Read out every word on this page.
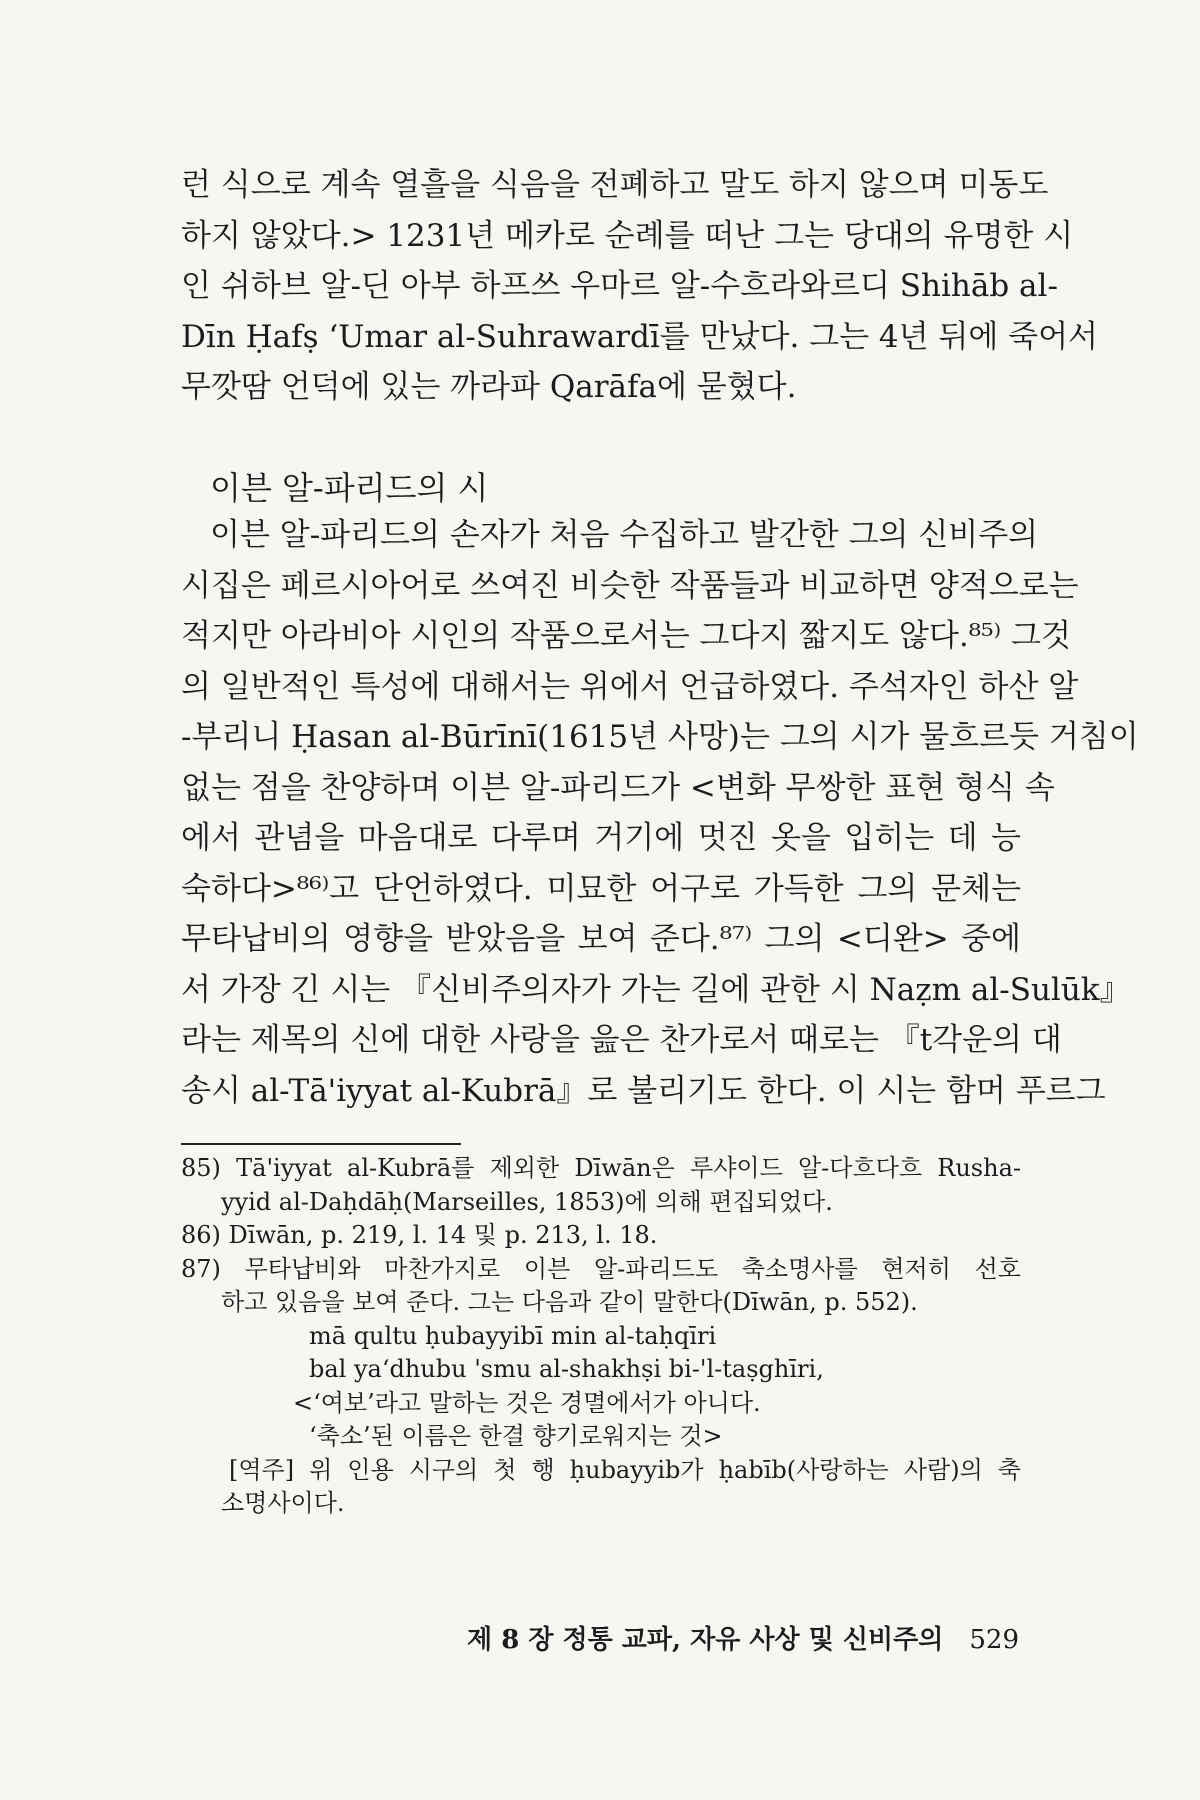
런 식으로 계속 열흘을 식음을 전폐하고 말도 하지 않으며 미동도
하지 않았다.> 1231년 메카로 순례를 떠난 그는 당대의 유명한 시
인 쉬하브 알-딘 아부 하프쓰 우마르 알-수흐라와르디 Shihāb al-
Dīn Ḥafṣ ‘Umar al-Suhrawardī를 만났다. 그는 4년 뒤에 죽어서
무깟땀 언덕에 있는 까라파 Qarāfa에 묻혔다.
이븐 알-파리드의 시
이븐 알-파리드의 손자가 처음 수집하고 발간한 그의 신비주의
시집은 페르시아어로 쓰여진 비슷한 작품들과 비교하면 양적으로는
적지만 아라비아 시인의 작품으로서는 그다지 짧지도 않다.⁸⁵⁾ 그것
의 일반적인 특성에 대해서는 위에서 언급하였다. 주석자인 하산 알
-부리니 Ḥasan al-Būrīnī(1615년 사망)는 그의 시가 물흐르듯 거침이
없는 점을 찬양하며 이븐 알-파리드가 <변화 무쌍한 표현 형식 속
에서 관념을 마음대로 다루며 거기에 멋진 옷을 입히는 데 능
숙하다>⁸⁶⁾고 단언하였다. 미묘한 어구로 가득한 그의 문체는
무타납비의 영향을 받았음을 보여 준다.⁸⁷⁾ 그의 <디완> 중에
서 가장 긴 시는 『신비주의자가 가는 길에 관한 시 Naẓm al-Sulūk』
라는 제목의 신에 대한 사랑을 읊은 찬가로서 때로는 『t각운의 대
송시 al-Tā'iyyat al-Kubrā』로 불리기도 한다. 이 시는 함머 푸르그
85) Tā'iyyat al-Kubrā를 제외한 Dīwān은 루샤이드 알-다흐다흐 Rusha-
yyid al-Daḥdāḥ(Marseilles, 1853)에 의해 편집되었다.
86) Dīwān, p. 219, l. 14 및 p. 213, l. 18.
87) 무타납비와 마찬가지로 이븐 알-파리드도 축소명사를 현저히 선호
하고 있음을 보여 준다. 그는 다음과 같이 말한다(Dīwān, p. 552).
mā qultu ḥubayyibī min al-taḥqīri
bal ya‘dhubu 'smu al-shakhṣi bi-'l-taṣghīri,
<‘여보’라고 말하는 것은 경멸에서가 아니다.
‘축소’된 이름은 한결 향기로워지는 것>
[역주] 위 인용 시구의 첫 행 ḥubayyib가 ḥabīb(사랑하는 사람)의 축
소명사이다.
제 8 장 정통 교파, 자유 사상 및 신비주의 529
